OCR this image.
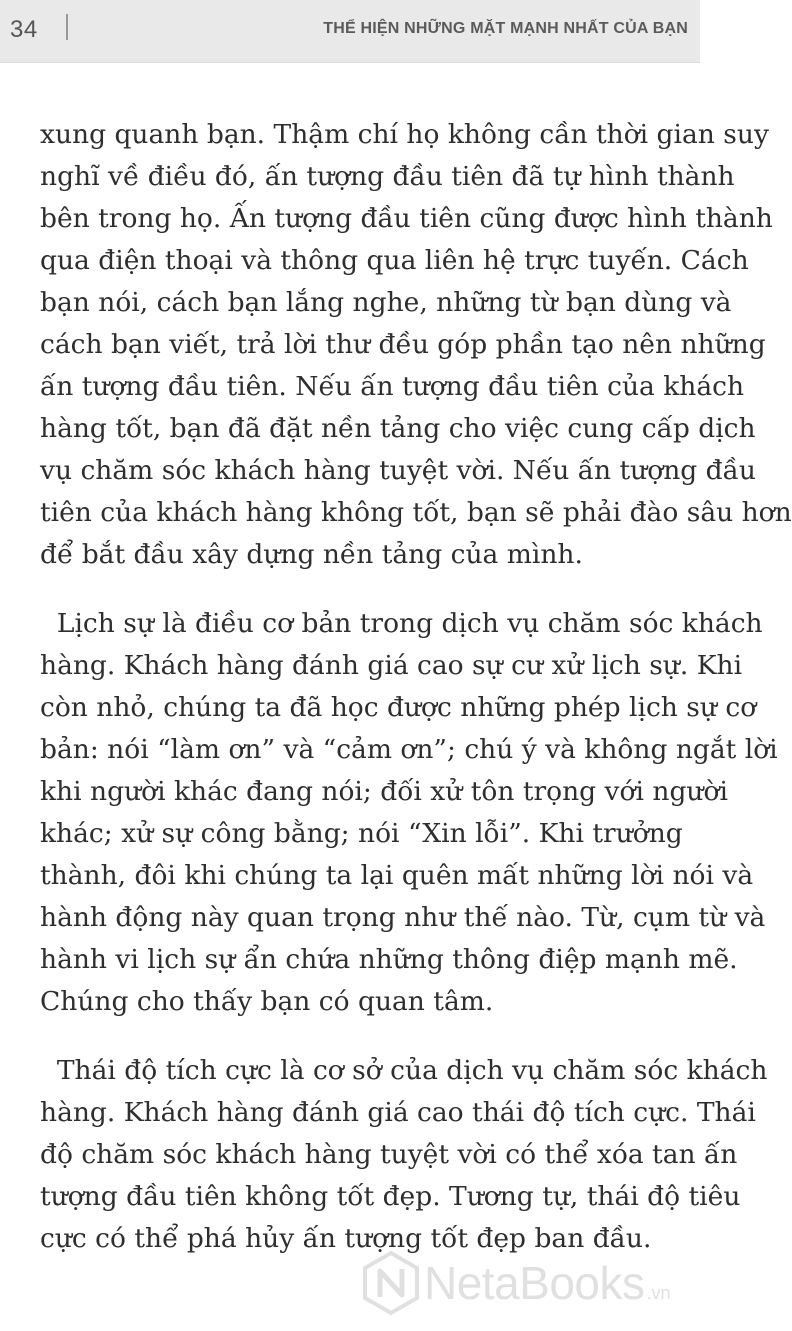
34	THỂ HIỆN NHỮNG MẶT MẠNH NHẤT CỦA BẠN
xung quanh bạn. Thậm chí họ không cần thời gian suy
nghĩ về điều đó, ấn tượng đầu tiên đã tự hình thành
bên trong họ. Ấn tượng đầu tiên cũng được hình thành
qua điện thoại và thông qua liên hệ trực tuyến. Cách
bạn nói, cách bạn lắng nghe, những từ bạn dùng và
cách bạn viết, trả lời thư đều góp phần tạo nên những
ấn tượng đầu tiên. Nếu ấn tượng đầu tiên của khách
hàng tốt, bạn đã đặt nền tảng cho việc cung cấp dịch
vụ chăm sóc khách hàng tuyệt vời. Nếu ấn tượng đầu
tiên của khách hàng không tốt, bạn sẽ phải đào sâu hơn
để bắt đầu xây dựng nền tảng của mình.
Lịch sự là điều cơ bản trong dịch vụ chăm sóc khách
hàng. Khách hàng đánh giá cao sự cư xử lịch sự. Khi
còn nhỏ, chúng ta đã học được những phép lịch sự cơ
bản: nói “làm ơn” và “cảm ơn”; chú ý và không ngắt lời
khi người khác đang nói; đối xử tôn trọng với người
khác; xử sự công bằng; nói “Xin lỗi”. Khi trưởng
thành, đôi khi chúng ta lại quên mất những lời nói và
hành động này quan trọng như thế nào. Từ, cụm từ và
hành vi lịch sự ẩn chứa những thông điệp mạnh mẽ.
Chúng cho thấy bạn có quan tâm.
Thái độ tích cực là cơ sở của dịch vụ chăm sóc khách
hàng. Khách hàng đánh giá cao thái độ tích cực. Thái
độ chăm sóc khách hàng tuyệt vời có thể xóa tan ấn
tượng đầu tiên không tốt đẹp. Tương tự, thái độ tiêu
cực có thể phá hủy ấn tượng tốt đẹp ban đầu.
NetaBooks .vn
